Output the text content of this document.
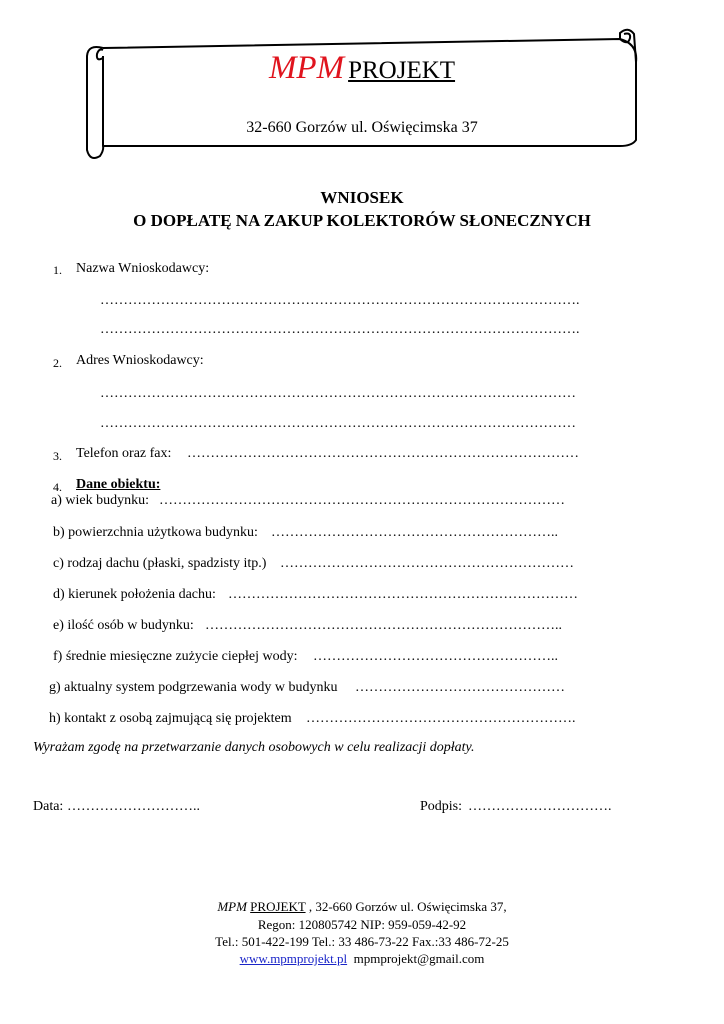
MPM PROJEKT
32-660 Gorzów ul. Oświęcimska 37
WNIOSEK
O DOPŁATĘ NA ZAKUP KOLEKTORÓW SŁONECZNYCH
1. Nazwa Wnioskodawcy:
………………………………………………………………………………………….
………………………………………………………………………………………….
2. Adres Wnioskodawcy:
…………………………………………………………………………………………
…………………………………………………………………………………………
3. Telefon oraz fax: …………………………………………………………………………
4. Dane obiektu:
a) wiek budynku: ……………………………………………………………………………
b) powierzchnia użytkowa budynku: ……………………………………………………..
c) rodzaj dachu (płaski, spadzisty itp.) ………………………………………………………
d) kierunek położenia dachu: …………………………………………………………………
e) ilość osób w budynku: …………………………………………………………………..
f) średnie miesięczne zużycie ciepłej wody: ……………………………………………..
g) aktualny system podgrzewania wody w budynku ………………………………………
h) kontakt z osobą zajmującą się projektem ………………………………………………….
Wyrażam zgodę na przetwarzanie danych osobowych w celu realizacji dopłaty.
Data: ………………………..	Podpis: ………………………….
MPM PROJEKT , 32-660 Gorzów ul. Oświęcimska 37,
Regon: 120805742 NIP: 959-059-42-92
Tel.: 501-422-199 Tel.: 33 486-73-22 Fax.:33 486-72-25
www.mpmprojekt.pl mpmprojekt@gmail.com
